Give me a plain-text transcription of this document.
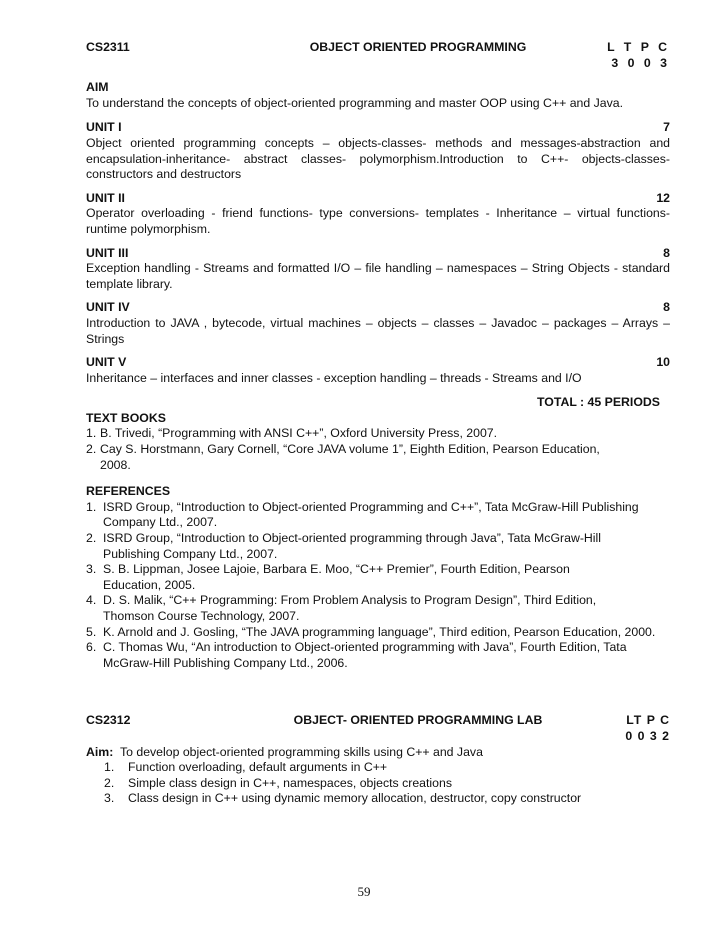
CS2311	OBJECT ORIENTED PROGRAMMING	L T P C
3 0 0 3
AIM
To understand the concepts of object-oriented programming and master OOP using C++ and Java.
UNIT I	7
Object oriented programming concepts – objects-classes- methods and messages-abstraction and encapsulation-inheritance- abstract classes- polymorphism.Introduction to C++- objects-classes-constructors and destructors
UNIT II	12
Operator overloading - friend functions- type conversions- templates - Inheritance – virtual functions- runtime polymorphism.
UNIT III	8
Exception handling - Streams and formatted I/O – file handling – namespaces – String Objects - standard template library.
UNIT IV	8
Introduction to JAVA , bytecode, virtual machines – objects – classes – Javadoc – packages – Arrays – Strings
UNIT V	10
Inheritance – interfaces and inner classes - exception handling – threads - Streams and I/O
TOTAL : 45 PERIODS
TEXT BOOKS
1. B. Trivedi, “Programming with ANSI C++”, Oxford University Press, 2007.
2. Cay S. Horstmann, Gary Cornell, “Core JAVA volume 1”, Eighth Edition, Pearson Education, 2008.
REFERENCES
1. ISRD Group, “Introduction to Object-oriented Programming and C++”, Tata McGraw-Hill Publishing Company Ltd., 2007.
2. ISRD Group, “Introduction to Object-oriented programming through Java”, Tata McGraw-Hill Publishing Company Ltd., 2007.
3. S. B. Lippman, Josee Lajoie, Barbara E. Moo, “C++ Premier”, Fourth Edition, Pearson Education, 2005.
4. D. S. Malik, “C++ Programming: From Problem Analysis to Program Design”, Third Edition, Thomson Course Technology, 2007.
5. K. Arnold and J. Gosling, “The JAVA programming language”, Third edition, Pearson Education, 2000.
6. C. Thomas Wu, “An introduction to Object-oriented programming with Java”, Fourth Edition, Tata McGraw-Hill Publishing Company Ltd., 2006.
CS2312	OBJECT- ORIENTED PROGRAMMING LAB	LT P C
0 0 3 2
Aim: To develop object-oriented programming skills using C++ and Java
1.	Function overloading, default arguments in C++
2.	Simple class design in C++, namespaces, objects creations
3.	Class design in C++ using dynamic memory allocation, destructor, copy constructor
59
